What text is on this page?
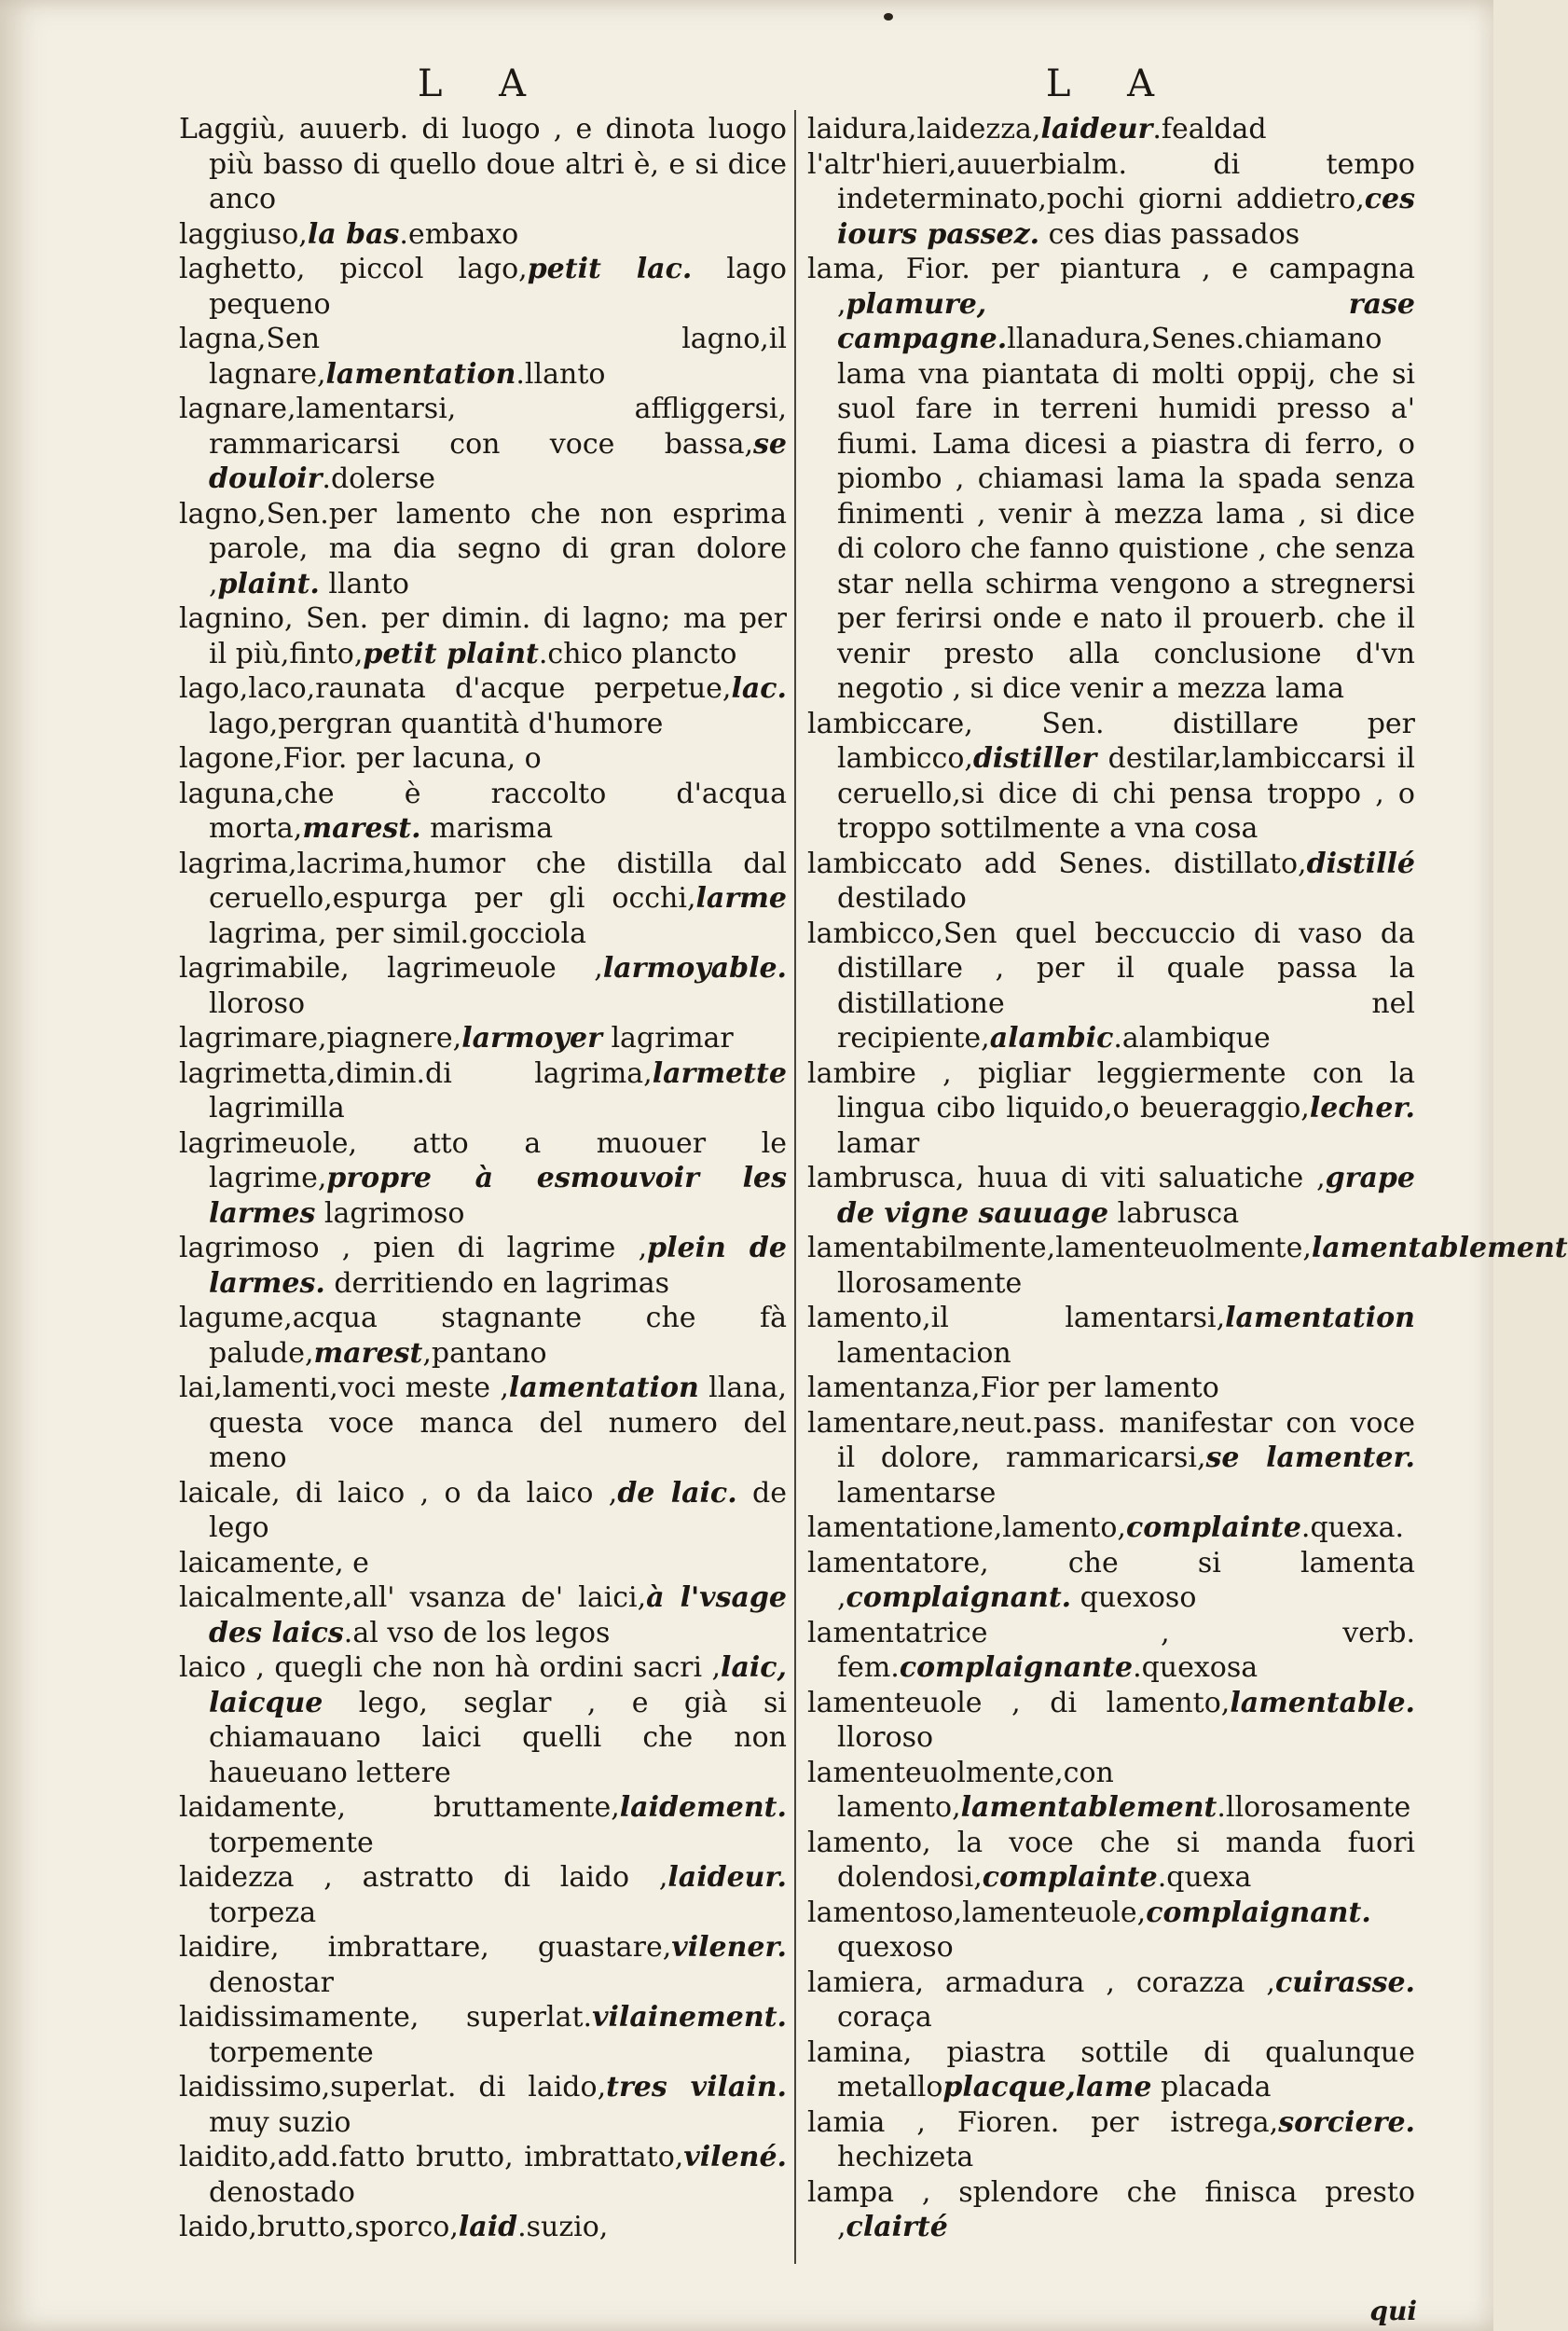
L A
Laggiù, auuerb. di luogo , e dinota luogo più basso di quello doue altri è, e si dice anco
laggiuso,la bas.embaxo
laghetto, piccol lago,petit lac. lago pequeno
lagna,Sen lagno,il lagnare,lamentation.llanto
lagnare,lamentarsi, affliggersi, rammaricarsi con voce bassa,se douloir.dolerse
lagno,Sen.per lamento che non esprima parole, ma dia segno di gran dolore ,plaint. llanto
lagnino, Sen. per dimin. di lagno; ma per il più,finto,petit plaint.chico plancto
lago,laco,raunata d'acque perpetue,lac. lago,pergran quantità d'humore
lagone,Fior. per lacuna, o
laguna,che è raccolto d'acqua morta,marest. marisma
lagrima,lacrima,humor che distilla dal ceruello,espurga per gli occhi,larme lagrima, per simil.gocciola
lagrimabile, lagrimeuole ,larmoyable. lloroso
lagrimare,piagnere,larmoyer lagrimar
lagrimetta,dimin.di lagrima,larmette lagrimilla
lagrimeuole, atto a muouer le lagrime,propre à esmouvoir les larmes lagrimoso
lagrimoso , pien di lagrime ,plein de larmes. derritiendo en lagrimas
lagume,acqua stagnante che fà palude,marest,pantano
lai,lamenti,voci meste ,lamentation llana, questa voce manca del numero del meno
laicale, di laico , o da laico ,de laic. de lego
laicamente, e
laicalmente,all' vsanza de' laici,à l'vsage des laics.al vso de los legos
laico , quegli che non hà ordini sacri ,laic, laicque lego, seglar , e già si chiamauano laici quelli che non haueuano lettere
laidamente, bruttamente,laidement. torpemente
laidezza , astratto di laido ,laideur. torpeza
laidire, imbrattare, guastare,vilener. denostar
laidissimamente, superlat.vilainement. torpemente
laidissimo,superlat. di laido,tres vilain. muy suzio
laidito,add.fatto brutto, imbrattato,vilené. denostado
laido,brutto,sporco,laid.suzio,
L A
laidura,laidezza,laideur.fealdad
l'altr'hieri,auuerbialm. di tempo indeterminato,pochi giorni addietro,ces iours passez. ces dias passados
lama, Fior. per piantura , e campagna ,plamure, rase campagne.llanadura,Senes.chiamano lama vna piantata di molti oppij, che si suol fare in terreni humidi presso a' fiumi. Lama dicesi a piastra di ferro, o piombo , chiamasi lama la spada senza finimenti , venir à mezza lama , si dice di coloro che fanno quistione , che senza star nella schirma vengono a stregnersi per ferirsi onde e nato il prouerb. che il venir presto alla conclusione d'vn negotio , si dice venir a mezza lama
lambiccare, Sen. distillare per lambicco,distiller destilar,lambiccarsi il ceruello,si dice di chi pensa troppo , o troppo sottilmente a vna cosa
lambiccato add Senes. distillato,distillé destilado
lambicco,Sen quel beccuccio di vaso da distillare , per il quale passa la distillatione nel recipiente,alambic.alambique
lambire , pigliar leggiermente con la lingua cibo liquido,o beueraggio,lecher. lamar
lambrusca, huua di viti saluatiche ,grape de vigne sauuage labrusca
lamentabilmente,lamenteuolmente,lamentablement llorosamente
lamento,il lamentarsi,lamentation lamentacion
lamentanza,Fior per lamento
lamentare,neut.pass. manifestar con voce il dolore, rammaricarsi,se lamenter. lamentarse
lamentatione,lamento,complainte.quexa.
lamentatore, che si lamenta ,complaignant. quexoso
lamentatrice , verb. fem.complaignante.quexosa
lamenteuole , di lamento,lamentable. lloroso
lamenteuolmente,con lamento,lamentablement.llorosamente
lamento, la voce che si manda fuori dolendosi,complainte.quexa
lamentoso,lamenteuole,complaignant. quexoso
lamiera, armadura , corazza ,cuirasse. coraça
lamina, piastra sottile di qualunque metalloplacque,lame placada
lamia , Fioren. per istrega,sorciere. hechizeta
lampa , splendore che finisca presto ,clairté
qui
